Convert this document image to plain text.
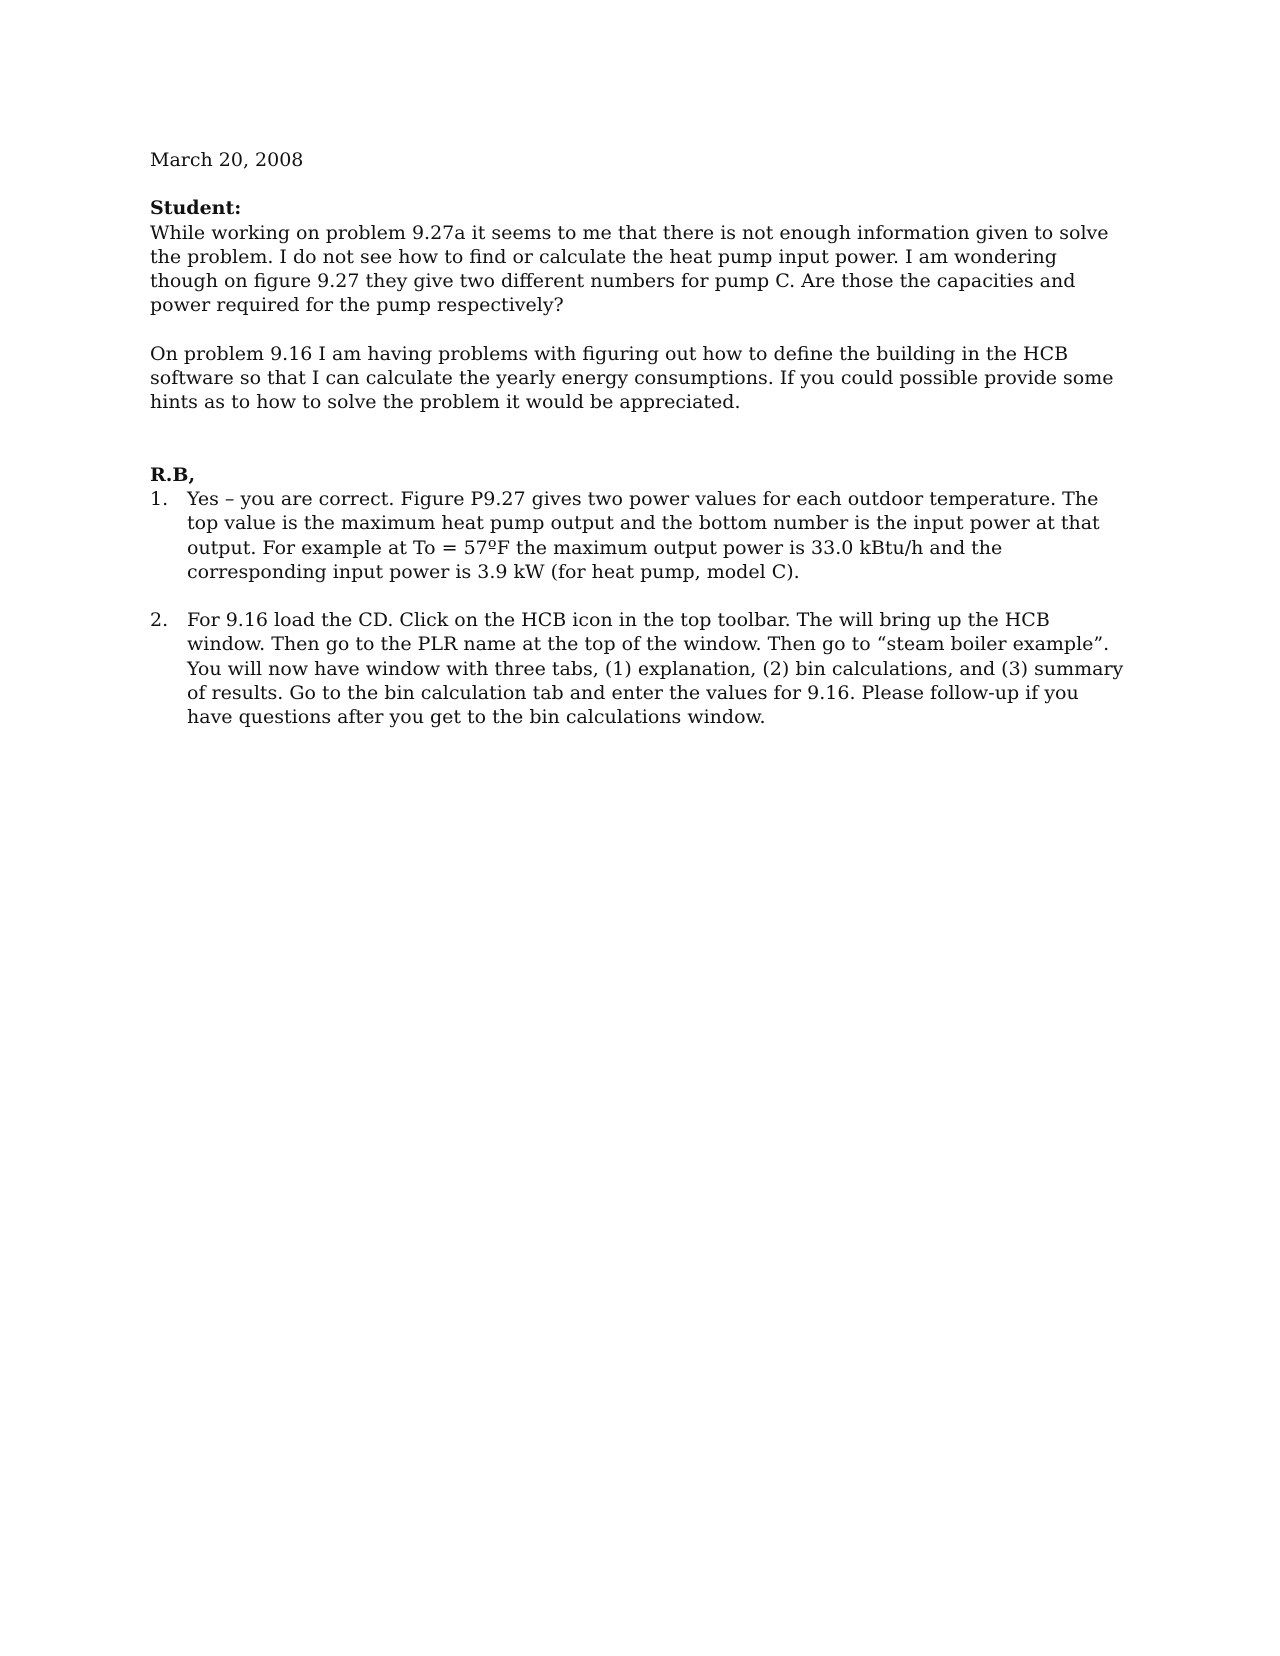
March 20, 2008

Student:

While working on problem 9.27a it seems to me that there is not enough information given to solve the problem. I do not see how to find or calculate the heat pump input power. I am wondering though on figure 9.27 they give two different numbers for pump C. Are those the capacities and power required for the pump respectively?

On problem 9.16 I am having problems with figuring out how to define the building in the HCB software so that I can calculate the yearly energy consumptions. If you could possible provide some hints as to how to solve the problem it would be appreciated.

R.B,

1. Yes – you are correct. Figure P9.27 gives two power values for each outdoor temperature. The top value is the maximum heat pump output and the bottom number is the input power at that output. For example at To = 57ºF the maximum output power is 33.0 kBtu/h and the corresponding input power is 3.9 kW (for heat pump, model C).
2. For 9.16 load the CD. Click on the HCB icon in the top toolbar. The will bring up the HCB window. Then go to the PLR name at the top of the window. Then go to “steam boiler example”. You will now have window with three tabs, (1) explanation, (2) bin calculations, and (3) summary of results. Go to the bin calculation tab and enter the values for 9.16. Please follow-up if you have questions after you get to the bin calculations window.
